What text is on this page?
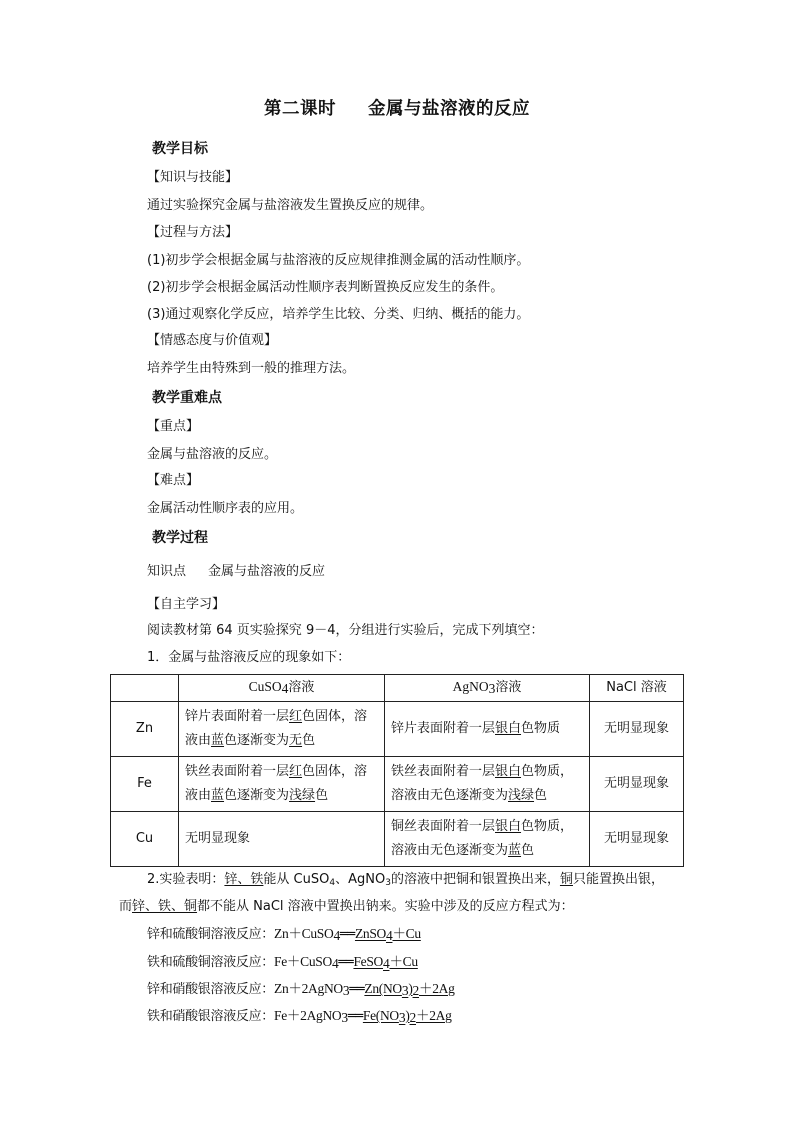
第二课时 金属与盐溶液的反应
教学目标
【知识与技能】
通过实验探究金属与盐溶液发生置换反应的规律。
【过程与方法】
(1)初步学会根据金属与盐溶液的反应规律推测金属的活动性顺序。
(2)初步学会根据金属活动性顺序表判断置换反应发生的条件。
(3)通过观察化学反应，培养学生比较、分类、归纳、概括的能力。
【情感态度与价值观】
培养学生由特殊到一般的推理方法。
教学重难点
【重点】
金属与盐溶液的反应。
【难点】
金属活动性顺序表的应用。
教学过程
知识点 金属与盐溶液的反应
【自主学习】
阅读教材第 64 页实验探究 9－4，分组进行实验后，完成下列填空：
1．金属与盐溶液反应的现象如下：
	CuSO4溶液	AgNO3溶液	NaCl 溶液
Zn	锌片表面附着一层红色固体，溶液由蓝色逐渐变为无色	锌片表面附着一层银白色物质	无明显现象
Fe	铁丝表面附着一层红色固体，溶液由蓝色逐渐变为浅绿色	铁丝表面附着一层银白色物质，溶液由无色逐渐变为浅绿色	无明显现象
Cu	无明显现象	铜丝表面附着一层银白色物质，溶液由无色逐渐变为蓝色	无明显现象
2.实验表明：锌、铁能从 CuSO$_4$、AgNO$_3$的溶液中把铜和银置换出来，铜只能置换出银，
而锌、铁、铜都不能从 NaCl 溶液中置换出钠来。实验中涉及的反应方程式为：
锌和硫酸铜溶液反应：Zn＋CuSO4══ZnSO4＋Cu
铁和硫酸铜溶液反应：Fe＋CuSO4══FeSO4＋Cu
锌和硝酸银溶液反应：Zn＋2AgNO3══Zn(NO3)2＋2Ag
铁和硝酸银溶液反应：Fe＋2AgNO3══Fe(NO3)2＋2Ag
